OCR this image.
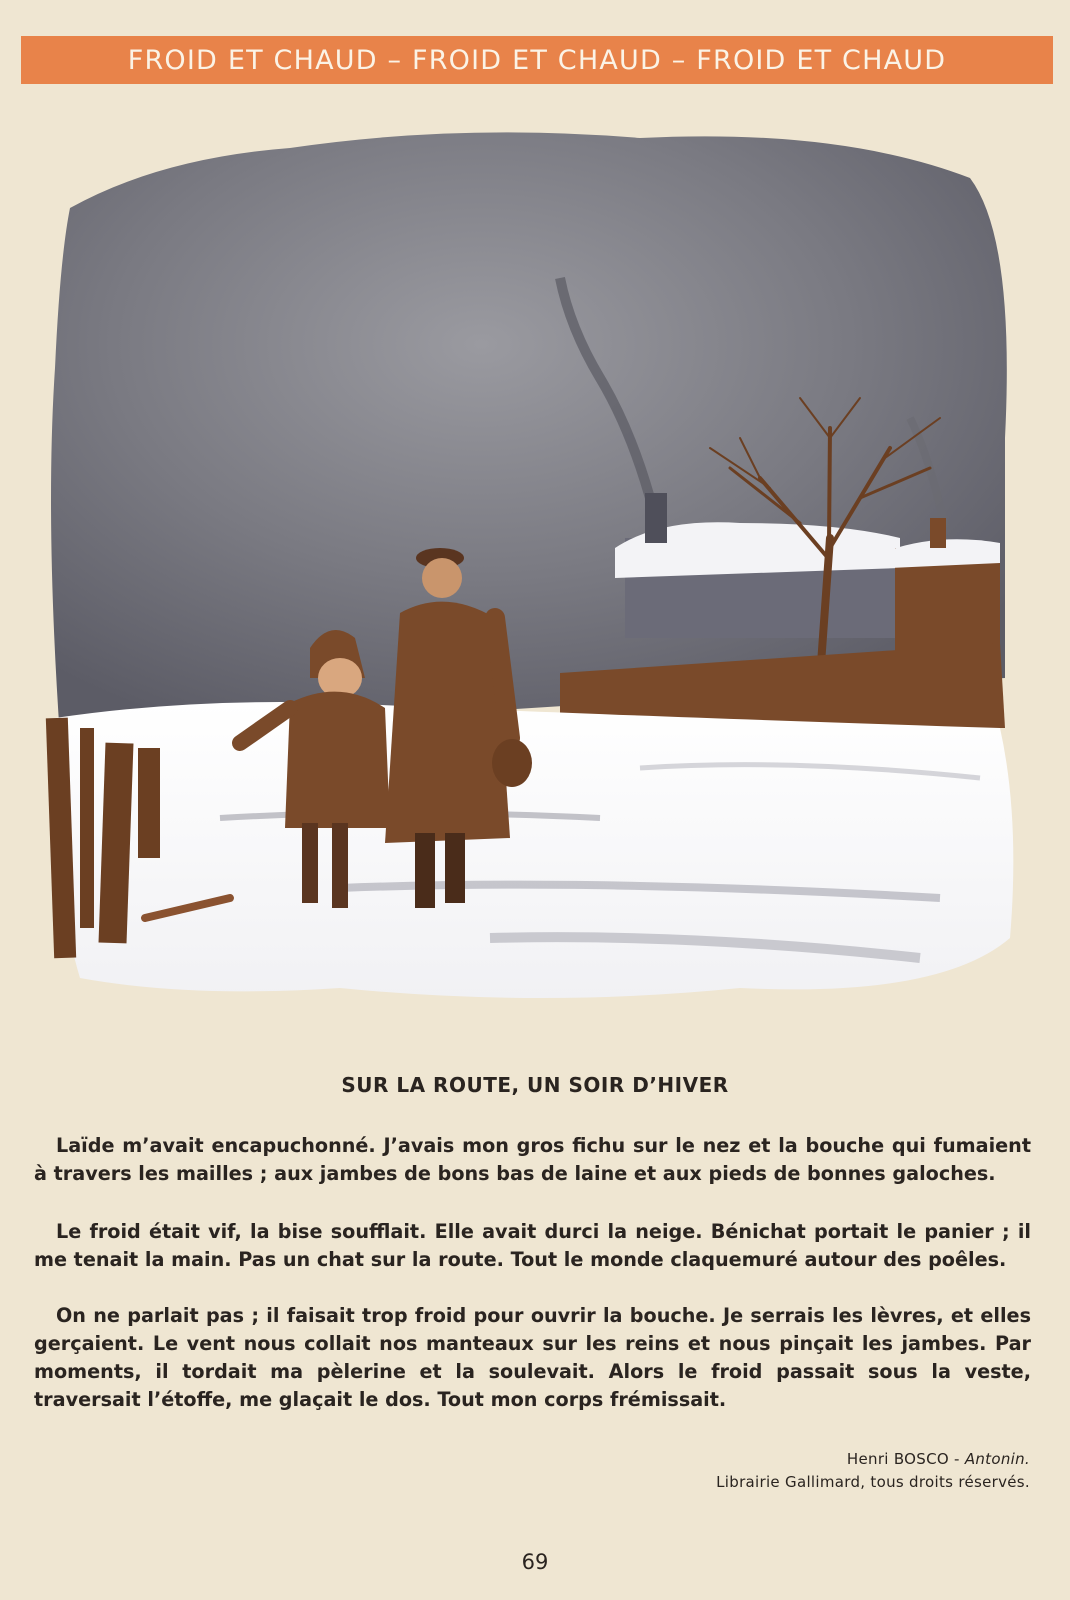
FROID ET CHAUD – FROID ET CHAUD – FROID ET CHAUD
SUR LA ROUTE, UN SOIR D’HIVER

Laïde m’avait encapuchonné. J’avais mon gros fichu sur le nez et la bouche qui fumaient à travers les mailles ; aux jambes de bons bas de laine et aux pieds de bonnes galoches.

Le froid était vif, la bise soufflait. Elle avait durci la neige. Bénichat portait le panier ; il me tenait la main. Pas un chat sur la route. Tout le monde claquemuré autour des poêles.

On ne parlait pas ; il faisait trop froid pour ouvrir la bouche. Je serrais les lèvres, et elles gerçaient. Le vent nous collait nos manteaux sur les reins et nous pinçait les jambes. Par moments, il tordait ma pèlerine et la soulevait. Alors le froid passait sous la veste, traversait l’étoffe, me glaçait le dos. Tout mon corps frémissait.

Henri BOSCO - Antonin.
Librairie Gallimard, tous droits réservés.
69
